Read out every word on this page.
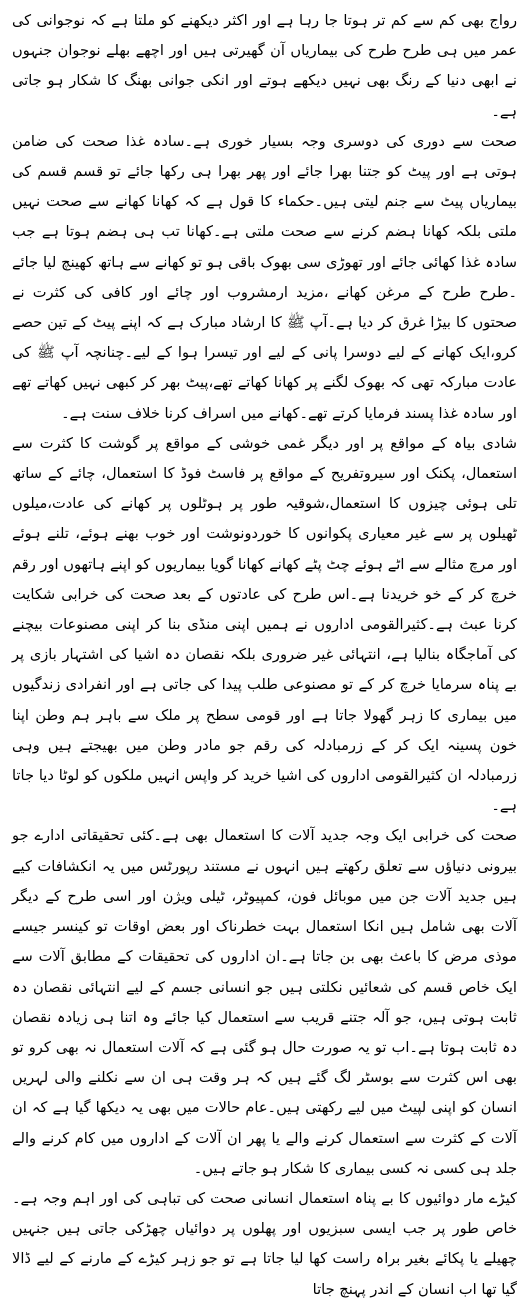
رواج بھی کم سے کم تر ہوتا جا رہا ہے اور اکثر دیکھنے کو ملتا ہے کہ نوجوانی کی عمر میں ہی طرح طرح کی بیماریاں آن گھیرتی ہیں اور اچھے بھلے نوجوان جنہوں نے ابھی دنیا کے رنگ بھی نہیں دیکھے ہوتے اور انکی جوانی بھنگ کا شکار ہو جاتی ہے۔

صحت سے دوری کی دوسری وجہ بسیار خوری ہے۔سادہ غذا صحت کی ضامن ہوتی ہے اور پیٹ کو جتنا بھرا جائے اور پھر بھرا ہی رکھا جائے تو قسم قسم کی بیماریاں پیٹ سے جنم لیتی ہیں۔حکماء کا قول ہے کہ کھانا کھانے سے صحت نہیں ملتی بلکہ کھانا ہضم کرنے سے صحت ملتی ہے۔کھانا تب ہی ہضم ہوتا ہے جب سادہ غذا کھائی جائے اور تھوڑی سی بھوک باقی ہو تو کھانے سے ہاتھ کھینچ لیا جائے ۔طرح طرح کے مرغن کھانے ،مزید ارمشروب اور چائے اور کافی کی کثرت نے صحتوں کا بیڑا غرق کر دیا ہے۔آپ ﷺ کا ارشاد مبارک ہے کہ اپنے پیٹ کے تین حصے کرو،ایک کھانے کے لیے دوسرا پانی کے لیے اور تیسرا ہوا کے لیے۔چنانچہ آپ ﷺ کی عادت مبارکہ تھی کہ بھوک لگنے پر کھانا کھاتے تھے،پیٹ بھر کر کبھی نہیں کھاتے تھے اور سادہ غذا پسند فرمایا کرتے تھے۔کھانے میں اسراف کرنا خلاف سنت ہے۔

شادی بیاہ کے مواقع پر اور دیگر غمی خوشی کے مواقع پر گوشت کا کثرت سے استعمال، پکنک اور سیروتفریح کے مواقع پر فاسٹ فوڈ کا استعمال، چائے کے ساتھ تلی ہوئی چیزوں کا استعمال،شوقیہ طور پر ہوٹلوں پر کھانے کی عادت،میلوں ٹھیلوں پر سے غیر معیاری پکوانوں کا خوردونوشت اور خوب بھنے ہوئے، تلنے ہوئے اور مرچ مثالے سے اٹے ہوئے چٹ پٹے کھانے کھانا گویا بیماریوں کو اپنے ہاتھوں اور رقم خرچ کر کے خو خریدنا ہے۔اس طرح کی عادتوں کے بعد صحت کی خرابی شکایت کرنا عبث ہے۔کثیرالقومی اداروں نے ہمیں اپنی منڈی بنا کر اپنی مصنوعات بیچنے کی آماجگاہ بنالیا ہے، انتہائی غیر ضروری بلکہ نقصان دہ اشیا کی اشتہار بازی پر بے پناہ سرمایا خرچ کر کے تو مصنوعی طلب پیدا کی جاتی ہے اور انفرادی زندگیوں میں بیماری کا زہر گھولا جاتا ہے اور قومی سطح پر ملک سے باہر ہم وطن اپنا خون پسینہ ایک کر کے زرمبادلہ کی رقم جو مادر وطن میں بھیجتے ہیں وہی زرمبادلہ ان کثیرالقومی اداروں کی اشیا خرید کر واپس انہیں ملکوں کو لوٹا دیا جاتا ہے۔

صحت کی خرابی ایک وجہ جدید آلات کا استعمال بھی ہے۔کئی تحقیقاتی ادارے جو بیرونی دنیاؤں سے تعلق رکھتے ہیں انہوں نے مستند رپورٹس میں یہ انکشافات کیے ہیں جدید آلات جن میں موبائل فون، کمپیوٹر، ٹیلی ویژن اور اسی طرح کے دیگر آلات بھی شامل ہیں انکا استعمال بہت خطرناک اور بعض اوقات تو کینسر جیسے موذی مرض کا باعث بھی بن جاتا ہے۔ان اداروں کی تحقیقات کے مطابق آلات سے ایک خاص قسم کی شعائیں نکلتی ہیں جو انسانی جسم کے لیے انتہائی نقصان دہ ثابت ہوتی ہیں، جو آلہ جتنے قریب سے استعمال کیا جائے وہ اتنا ہی زیادہ نقصان دہ ثابت ہوتا ہے۔اب تو یہ صورت حال ہو گئی ہے کہ آلات استعمال نہ بھی کرو تو بھی اس کثرت سے بوسٹر لگ گئے ہیں کہ ہر وقت ہی ان سے نکلنے والی لہریں انسان کو اپنی لپیٹ میں لیے رکھتی ہیں۔عام حالات میں بھی یہ دیکھا گیا ہے کہ ان آلات کے کثرت سے استعمال کرنے والے یا پھر ان آلات کے اداروں میں کام کرنے والے جلد ہی کسی نہ کسی بیماری کا شکار ہو جاتے ہیں۔

کیڑے مار دوائیوں کا بے پناہ استعمال انسانی صحت کی تباہی کی اور اہم وجہ ہے۔خاص طور پر جب ایسی سبزیوں اور پھلوں پر دوائیاں چھڑکی جاتی ہیں جنہیں چھیلے یا پکائے بغیر براہ راست کھا لیا جاتا ہے تو جو زہر کیڑے کے مارنے کے لیے ڈالا گیا تھا اب انسان کے اندر پہنچ جاتا
